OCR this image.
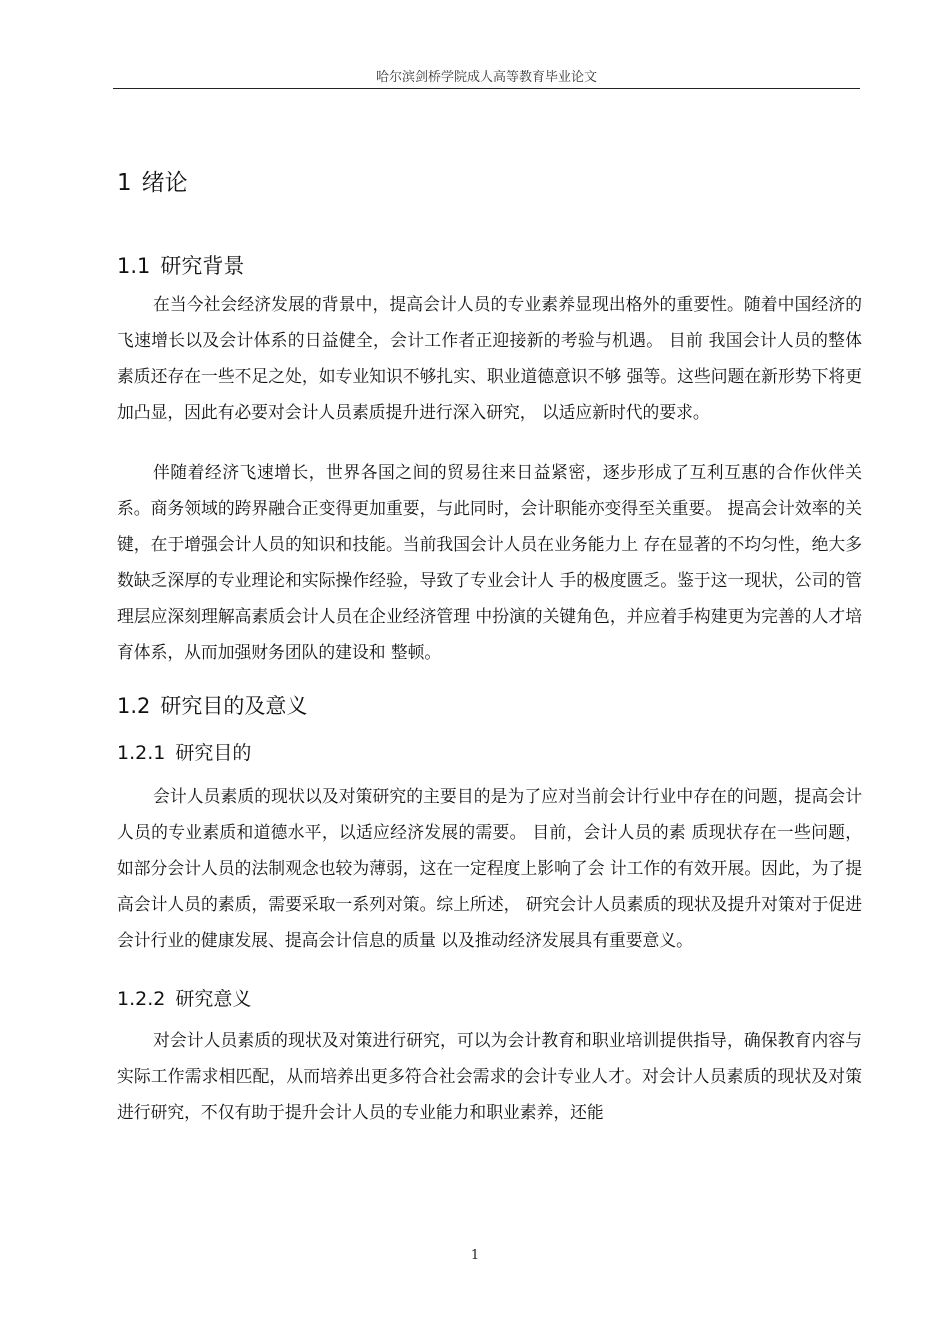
哈尔滨剑桥学院成人高等教育毕业论文
1 绪论
1.1 研究背景

在当今社会经济发展的背景中，提高会计人员的专业素养显现出格外的重要性。随着中国经济的飞速增长以及会计体系的日益健全，会计工作者正迎接新的考验与机遇。 目前 我国会计人员的整体素质还存在一些不足之处，如专业知识不够扎实、职业道德意识不够 强等。这些问题在新形势下将更加凸显，因此有必要对会计人员素质提升进行深入研究， 以适应新时代的要求。

伴随着经济飞速增长，世界各国之间的贸易往来日益紧密，逐步形成了互利互惠的合作伙伴关系。商务领域的跨界融合正变得更加重要，与此同时，会计职能亦变得至关重要。 提高会计效率的关键，在于增强会计人员的知识和技能。当前我国会计人员在业务能力上 存在显著的不均匀性，绝大多数缺乏深厚的专业理论和实际操作经验，导致了专业会计人 手的极度匮乏。鉴于这一现状，公司的管理层应深刻理解高素质会计人员在企业经济管理 中扮演的关键角色，并应着手构建更为完善的人才培育体系，从而加强财务团队的建设和 整顿。

1.2 研究目的及意义
1.2.1 研究目的

会计人员素质的现状以及对策研究的主要目的是为了应对当前会计行业中存在的问题，提高会计人员的专业素质和道德水平，以适应经济发展的需要。 目前，会计人员的素 质现状存在一些问题，如部分会计人员的法制观念也较为薄弱，这在一定程度上影响了会 计工作的有效开展。因此，为了提高会计人员的素质，需要采取一系列对策。综上所述， 研究会计人员素质的现状及提升对策对于促进会计行业的健康发展、提高会计信息的质量 以及推动经济发展具有重要意义。

1.2.2 研究意义

对会计人员素质的现状及对策进行研究，可以为会计教育和职业培训提供指导，确保教育内容与实际工作需求相匹配，从而培养出更多符合社会需求的会计专业人才。对会计人员素质的现状及对策进行研究，不仅有助于提升会计人员的专业能力和职业素养，还能

1
